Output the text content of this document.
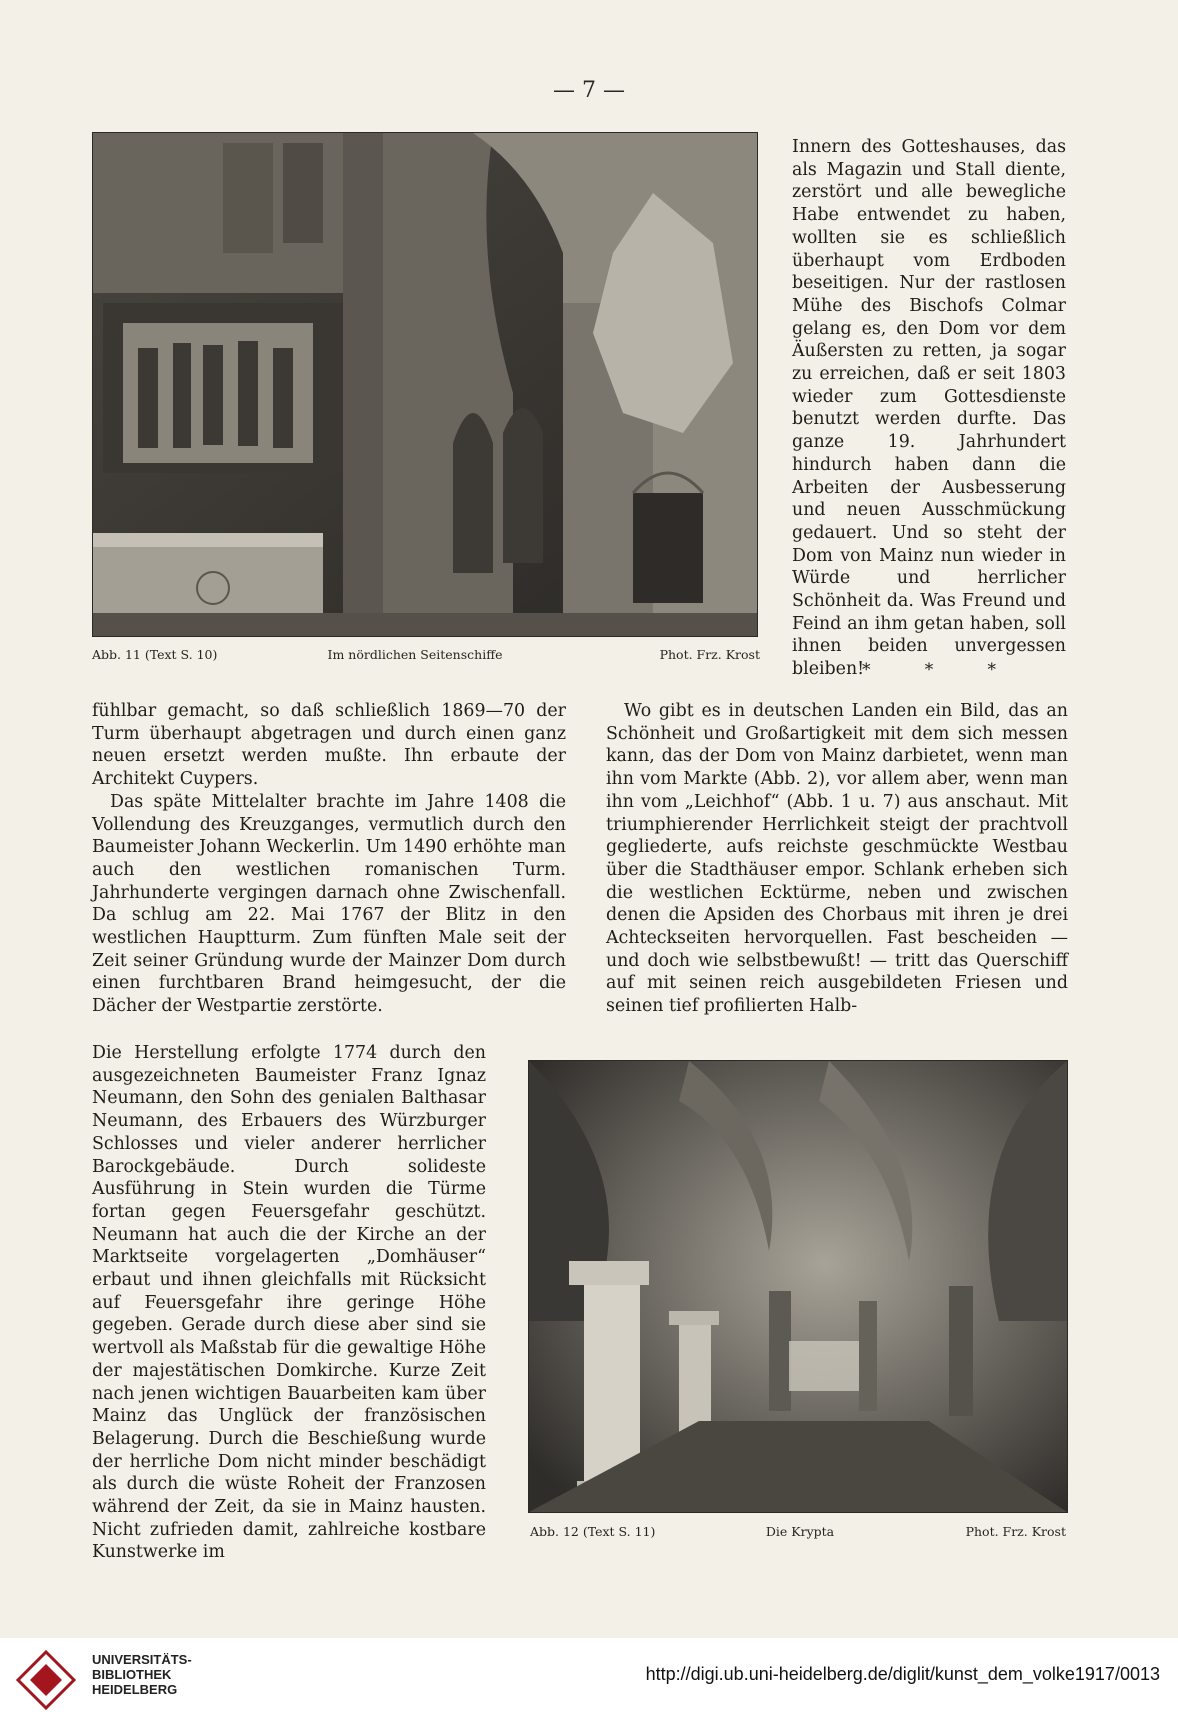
— 7 —
Abb. 11 (Text S. 10)	Im nördlichen Seitenschiffe	Phot. Frz. Krost

Innern des Gotteshauses, das als Magazin und Stall diente, zerstört und alle bewegliche Habe entwendet zu haben, wollten sie es schließlich überhaupt vom Erdboden beseitigen. Nur der rastlosen Mühe des Bischofs Colmar gelang es, den Dom vor dem Äußersten zu retten, ja sogar zu erreichen, daß er seit 1803 wieder zum Gottesdienste benutzt werden durfte. Das ganze 19. Jahrhundert hindurch haben dann die Arbeiten der Ausbesserung und neuen Ausschmückung gedauert. Und so steht der Dom von Mainz nun wieder in Würde und herrlicher Schönheit da. Was Freund und Feind an ihm getan haben, soll ihnen beiden unvergessen bleiben!

*	*	*

fühlbar gemacht, so daß schließlich 1869—70 der Turm überhaupt abgetragen und durch einen ganz neuen ersetzt werden mußte. Ihn erbaute der Architekt Cuypers.

Das späte Mittelalter brachte im Jahre 1408 die Vollendung des Kreuzganges, vermutlich durch den Baumeister Johann Weckerlin. Um 1490 erhöhte man auch den westlichen romanischen Turm. Jahrhunderte vergingen darnach ohne Zwischenfall. Da schlug am 22. Mai 1767 der Blitz in den westlichen Hauptturm. Zum fünften Male seit der Zeit seiner Gründung wurde der Mainzer Dom durch einen furchtbaren Brand heimgesucht, der die Dächer der Westpartie zerstörte.

Die Herstellung erfolgte 1774 durch den ausgezeichneten Baumeister Franz Ignaz Neumann, den Sohn des genialen Balthasar Neumann, des Erbauers des Würzburger Schlosses und vieler anderer herrlicher Barockgebäude. Durch solideste Ausführung in Stein wurden die Türme fortan gegen Feuersgefahr geschützt. Neumann hat auch die der Kirche an der Marktseite vorgelagerten „Domhäuser“ erbaut und ihnen gleichfalls mit Rücksicht auf Feuersgefahr ihre geringe Höhe gegeben. Gerade durch diese aber sind sie wertvoll als Maßstab für die gewaltige Höhe der majestätischen Domkirche. Kurze Zeit nach jenen wichtigen Bauarbeiten kam über Mainz das Unglück der französischen Belagerung. Durch die Beschießung wurde der herrliche Dom nicht minder beschädigt als durch die wüste Roheit der Franzosen während der Zeit, da sie in Mainz hausten. Nicht zufrieden damit, zahlreiche kostbare Kunstwerke im

Wo gibt es in deutschen Landen ein Bild, das an Schönheit und Großartigkeit mit dem sich messen kann, das der Dom von Mainz darbietet, wenn man ihn vom Markte (Abb. 2), vor allem aber, wenn man ihn vom „Leichhof“ (Abb. 1 u. 7) aus anschaut. Mit triumphierender Herrlichkeit steigt der prachtvoll gegliederte, aufs reichste geschmückte Westbau über die Stadthäuser empor. Schlank erheben sich die westlichen Ecktürme, neben und zwischen denen die Apsiden des Chorbaus mit ihren je drei Achteckseiten hervorquellen. Fast bescheiden — und doch wie selbstbewußt! — tritt das Querschiff auf mit seinen reich ausgebildeten Friesen und seinen tief profilierten Halb-

Abb. 12 (Text S. 11)	Die Krypta	Phot. Frz. Krost
UNIVERSITÄTS-
BIBLIOTHEK
HEIDELBERG
http://digi.ub.uni-heidelberg.de/diglit/kunst_dem_volke1917/0013
